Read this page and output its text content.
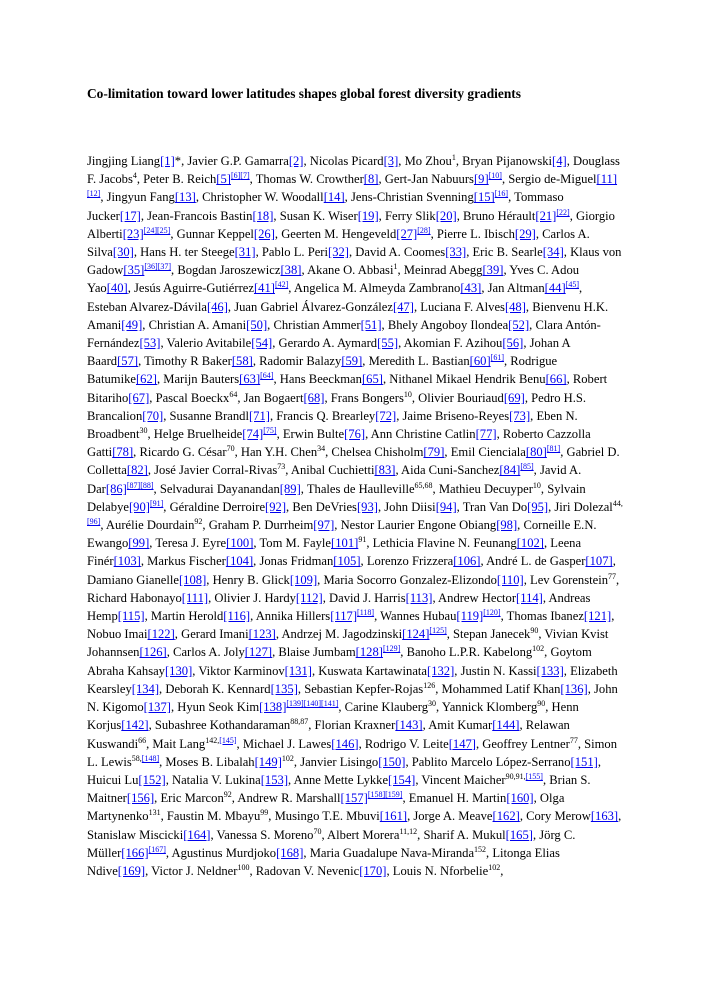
Co-limitation toward lower latitudes shapes global forest diversity gradients

Jingjing Liang[1]*, Javier G.P. Gamarra[2], Nicolas Picard[3], Mo Zhou$^1$, Bryan Pijanowski[4], Douglass F. Jacobs$^4$, Peter B. Reich[5][6][7], Thomas W. Crowther[8], Gert-Jan Nabuurs[9][10], Sergio de-Miguel[11][12], Jingyun Fang[13], Christopher W. Woodall[14], Jens-Christian Svenning[15][16], Tommaso Jucker[17], Jean-Francois Bastin[18], Susan K. Wiser[19], Ferry Slik[20], Bruno Hérault[21][22], Giorgio Alberti[23][24][25], Gunnar Keppel[26], Geerten M. Hengeveld[27][28], Pierre L. Ibisch[29], Carlos A. Silva[30], Hans H. ter Steege[31], Pablo L. Peri[32], David A. Coomes[33], Eric B. Searle[34], Klaus von Gadow[35][36][37], Bogdan Jaroszewicz[38], Akane O. Abbasi$^1$, Meinrad Abegg[39], Yves C. Adou Yao[40], Jesús Aguirre-Gutiérrez[41][42], Angelica M. Almeyda Zambrano[43], Jan Altman[44][45], Esteban Alvarez-Dávila[46], Juan Gabriel Álvarez-González[47], Luciana F. Alves[48], Bienvenu H.K. Amani[49], Christian A. Amani[50], Christian Ammer[51], Bhely Angoboy Ilondea[52], Clara Antón-Fernández[53], Valerio Avitabile[54], Gerardo A. Aymard[55], Akomian F. Azihou[56], Johan A Baard[57], Timothy R Baker[58], Radomir Balazy[59], Meredith L. Bastian[60][61], Rodrigue Batumike[62], Marijn Bauters[63][64], Hans Beeckman[65], Nithanel Mikael Hendrik Benu[66], Robert Bitariho[67], Pascal Boeckx$^{64}$, Jan Bogaert[68], Frans Bongers$^{10}$, Olivier Bouriaud[69], Pedro H.S. Brancalion[70], Susanne Brandl[71], Francis Q. Brearley[72], Jaime Briseno-Reyes[73], Eben N. Broadbent$^{30}$, Helge Bruelheide[74][75], Erwin Bulte[76], Ann Christine Catlin[77], Roberto Cazzolla Gatti[78], Ricardo G. César$^{70}$, Han Y.H. Chen$^{34}$, Chelsea Chisholm[79], Emil Cienciala[80][81], Gabriel D. Colletta[82], José Javier Corral-Rivas$^{73}$, Anibal Cuchietti[83], Aida Cuni-Sanchez[84][85], Javid A. Dar[86][87][88], Selvadurai Dayanandan[89], Thales de Haulleville$^{65,68}$, Mathieu Decuyper$^{10}$, Sylvain Delabye[90][91], Géraldine Derroire[92], Ben DeVries[93], John Diisi[94], Tran Van Do[95], Jiri Dolezal$^{44,[96]}$, Aurélie Dourdain$^{92}$, Graham P. Durrheim[97], Nestor Laurier Engone Obiang[98], Corneille E.N. Ewango[99], Teresa J. Eyre[100], Tom M. $Fayle[101]^{91}$, Lethicia Flavine N. Feunang[102], Leena Finér[103], Markus Fischer[104], Jonas Fridman[105], Lorenzo Frizzera[106], André L. de Gasper[107], Damiano Gianelle[108], Henry B. Glick[109], Maria Socorro Gonzalez-Elizondo[110], Lev Gorenstein$^{77}$, Richard Habonayo[111], Olivier J. Hardy[112], David J. Harris[113], Andrew Hector[114], Andreas Hemp[115], Martin Herold[116], Annika Hillers[117][118], Wannes Hubau[119][120], Thomas Ibanez[121], Nobuo Imai[122], Gerard Imani[123], Andrzej M. Jagodzinski[124][125], Stepan Janecek$^{90}$, Vivian Kvist Johannsen[126], Carlos A. Joly[127], Blaise Jumbam[128][129], Banoho L.P.R. Kabelong$^{102}$, Goytom Abraha Kahsay[130], Viktor Karminov[131], Kuswata Kartawinata[132], Justin N. Kassi[133], Elizabeth Kearsley[134], Deborah K. Kennard[135], Sebastian Kepfer-Rojas$^{126}$, Mohammed Latif Khan[136], John N. Kigomo[137], Hyun Seok Kim[138][139][140][141], Carine Klauberg$^{30}$, Yannick Klomberg$^{90}$, Henn Korjus[142], Subashree Kothandaraman$^{88,87}$, Florian Kraxner[143], Amit Kumar[144], Relawan Kuswandi$^{66}$, Mait Lang$^{142,[145]}$, Michael J. Lawes[146], Rodrigo V. Leite[147], Geoffrey Lentner$^{77}$, Simon L. Lewis$^{58,[148]}$, Moses B. $Libalah[149]^{102}$, Janvier Lisingo[150], Pablito Marcelo López-Serrano[151], Huicui Lu[152], Natalia V. Lukina[153], Anne Mette Lykke[154], Vincent Maicher$^{90,91,[155]}$, Brian S. Maitner[156], Eric Marcon$^{92}$, Andrew R. Marshall[157][158][159], Emanuel H. Martin[160], Olga Martynenko$^{131}$, Faustin M. Mbayu$^{99}$, Musingo T.E. Mbuvi[161], Jorge A. Meave[162], Cory Merow[163], Stanislaw Miscicki[164], Vanessa S. Moreno$^{70}$, Albert Morera$^{11,12}$, Sharif A. Mukul[165], Jörg C. Müller[166][167], Agustinus Murdjoko[168], Maria Guadalupe Nava-Miranda$^{152}$, Litonga Elias Ndive[169], Victor J. Neldner$^{100}$, Radovan V. Nevenic[170], Louis N. Nforbelie$^{102}$,
